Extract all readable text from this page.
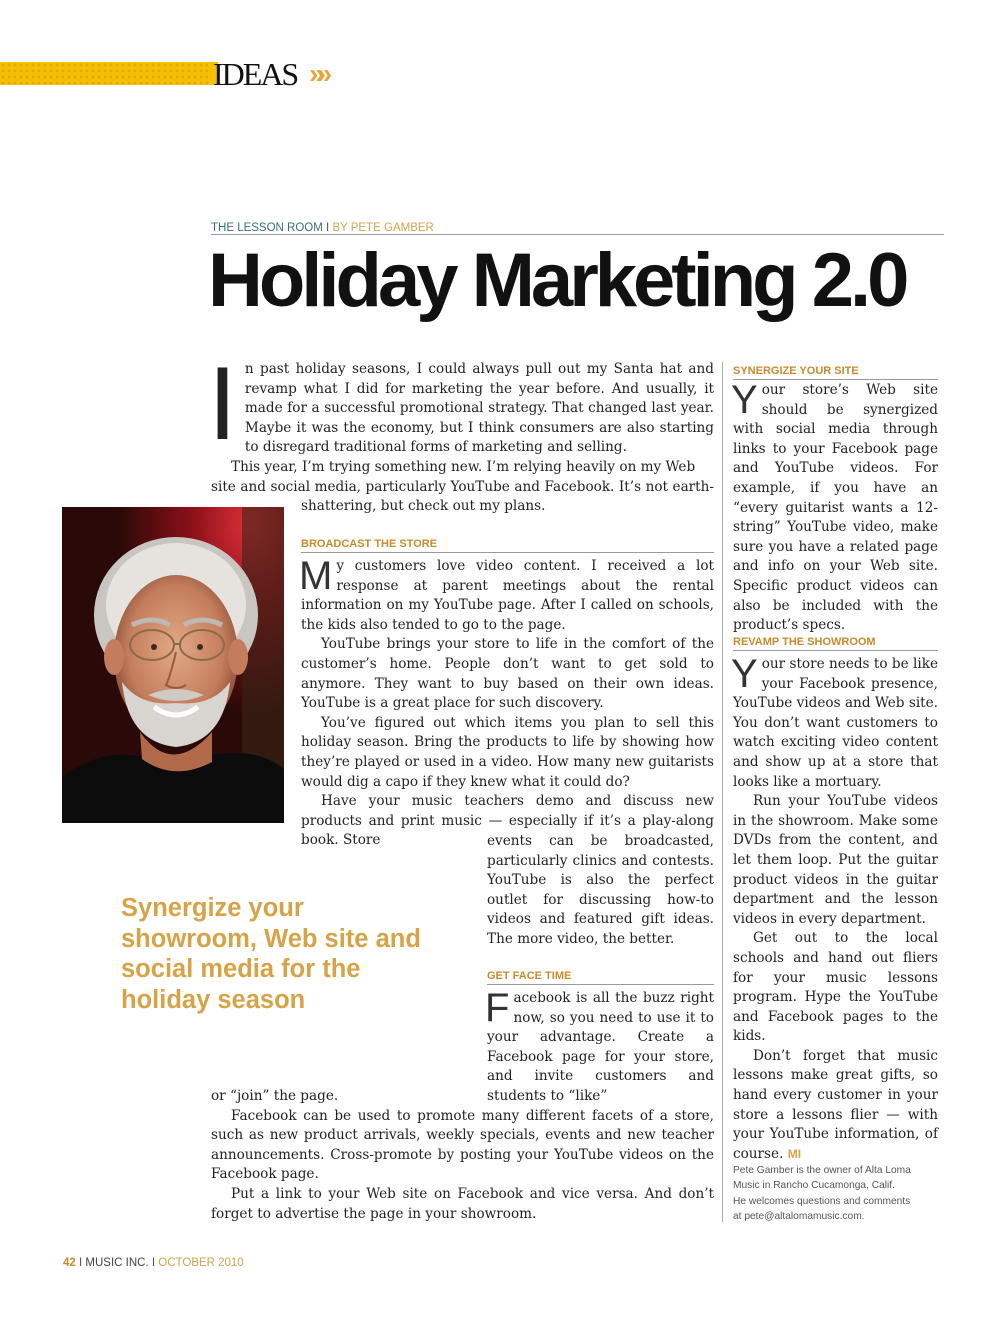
IDEAS »»
THE LESSON ROOM I BY PETE GAMBER
Holiday Marketing 2.0

I n past holiday seasons, I could always pull out my Santa hat and revamp what I did for marketing the year before. And usually, it made for a successful promotional strategy. That changed last year. Maybe it was the economy, but I think consumers are also starting to disregard traditional forms of marketing and selling.

This year, I’m trying something new. I’m relying heavily on my Web
site and social media, particularly YouTube and Facebook. It’s not earth-
shattering, but check out my plans.
BROADCAST THE STORE

M y customers love video content. I received a lot response at parent meetings about the rental information on my YouTube page. After I called on schools, the kids also tended to go to the page.

YouTube brings your store to life in the comfort of the customer’s home. People don’t want to get sold to anymore. They want to buy based on their own ideas. YouTube is a great place for such discovery.

You’ve figured out which items you plan to sell this holiday season. Bring the products to life by showing how they’re played or used in a video. How many new guitarists would dig a capo if they knew what it could do?

Have your music teachers demo and discuss new products and print music — especially if it’s a play-along book. Store	events can be broadcasted, particularly clinics and contests. YouTube is also the perfect outlet for discussing how-to videos and featured gift ideas. The more video, the better.
Synergize your showroom, Web site and social media for the holiday season
GET FACE TIME

F acebook is all the buzz right now, so you need to use it to your advantage. Create a Facebook page for your store, and invite customers and students to “like”

or “join” the page.

Facebook can be used to promote many different facets of a store, such as new product arrivals, weekly specials, events and new teacher announcements. Cross-promote by posting your YouTube videos on the Facebook page.

Put a link to your Web site on Facebook and vice versa. And don’t forget to advertise the page in your showroom.

SYNERGIZE YOUR SITE

Y our store’s Web site should be synergized with social media through links to your Facebook page and YouTube videos. For example, if you have an “every guitarist wants a 12-string” YouTube video, make sure you have a related page and info on your Web site. Specific product videos can also be included with the product’s specs.

REVAMP THE SHOWROOM

Y our store needs to be like your Facebook presence, YouTube videos and Web site. You don’t want customers to watch exciting video content and show up at a store that looks like a mortuary.

Run your YouTube videos in the showroom. Make some DVDs from the content, and let them loop. Put the guitar product videos in the guitar department and the lesson videos in every department.

Get out to the local schools and hand out fliers for your music lessons program. Hype the YouTube and Facebook pages to the kids.

Don’t forget that music lessons make great gifts, so hand every customer in your store a lessons flier — with your YouTube information, of course. MI

Pete Gamber is the owner of Alta Loma
Music in Rancho Cucamonga, Calif.
He welcomes questions and comments
at pete@altalomamusic.com.
42 I MUSIC INC. I OCTOBER 2010
